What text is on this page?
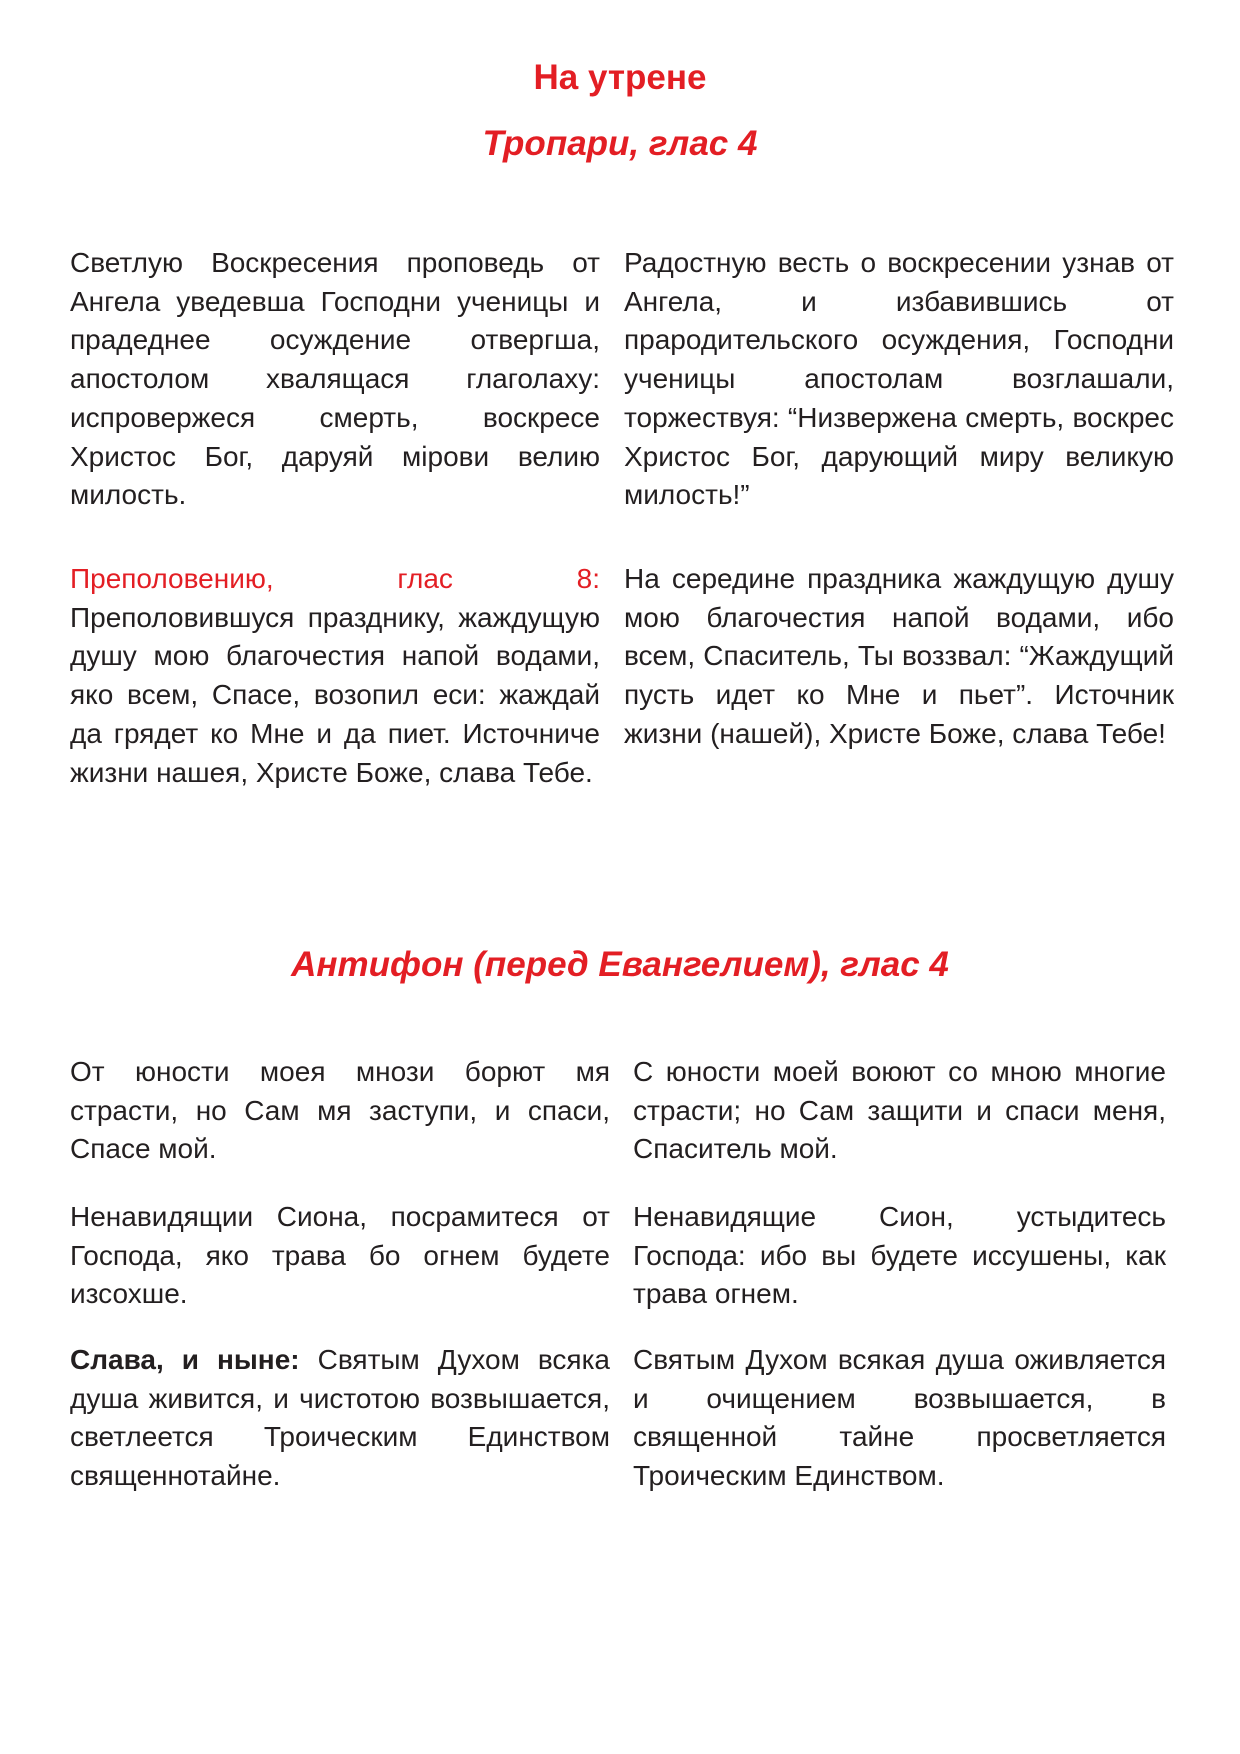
На утрене
Тропари, глас 4

Светлую Воскресения проповедь от Ангела уведевша Господни ученицы и прадеднее осуждение отвергша, апостолом хвалящася глаголаху: испровержеся смерть, воскресе Христос Бог, даруяй мірови велию милость.

Радостную весть о воскресении узнав от Ангела, и избавившись от прародительского осуждения, Господни ученицы апостолам возглашали, торжествуя: “Низвержена смерть, воскрес Христос Бог, дарующий миру великую милость!”

Преполовению, глас 8: Преполовившуся празднику, жаждущую душу мою благочестия напой водами, яко всем, Спасе, возопил еси: жаждай да грядет ко Мне и да пиет. Источниче жизни нашея, Христе Боже, слава Тебе.

На середине праздника жаждущую душу мою благочестия напой водами, ибо всем, Спаситель, Ты воззвал: “Жаждущий пусть идет ко Мне и пьет”. Источник жизни (нашей), Христе Боже, слава Тебе!

Антифон (перед Евангелием), глас 4

От юности моея мнози борют мя страсти, но Сам мя заступи, и спаси, Спасе мой.

С юности моей воюют со мною многие страсти; но Сам защити и спаси меня, Спаситель мой.

Ненавидящии Сиона, посрамитеся от Господа, яко трава бо огнем будете изсохше.

Ненавидящие Сион, устыдитесь Господа: ибо вы будете иссушены, как трава огнем.

Слава, и ныне: Святым Духом всяка душа живится, и чистотою возвышается, светлеется Троическим Единством священнотайне.

Святым Духом всякая душа оживляется и очищением возвышается, в священной тайне просветляется Троическим Единством.
